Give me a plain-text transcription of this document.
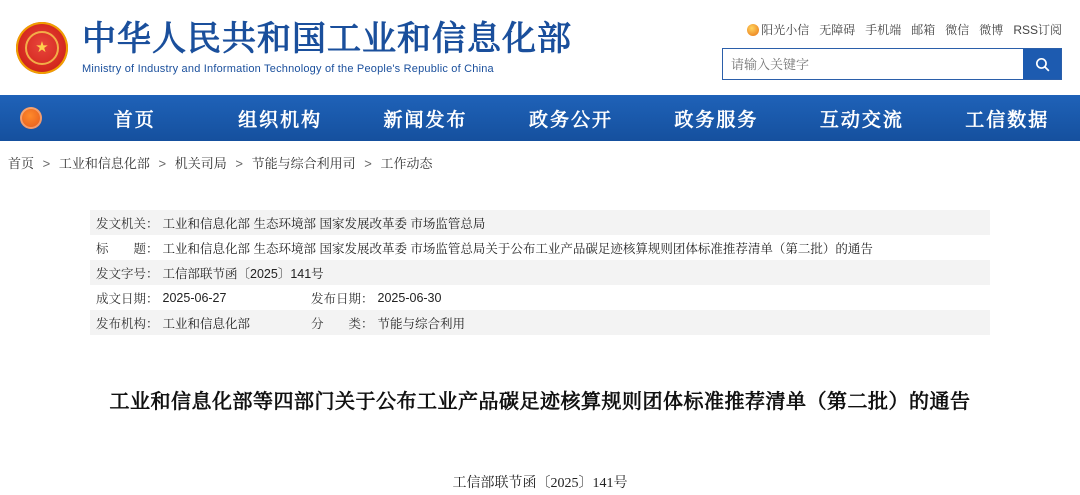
★ 中华人民共和国工业和信息化部
Ministry of Industry and Information Technology of the People's Republic of China
阳光小信 无障碍 手机端 邮箱 微信 微博 RSS订阅
请输入关键字
首页	组织机构	新闻发布	政务公开	政务服务	互动交流	工信数据
首页 > 工业和信息化部 > 机关司局 > 节能与综合利用司 > 工作动态
发文机关： 工业和信息化部 生态环境部 国家发展改革委 市场监管总局
标　　题： 工业和信息化部 生态环境部 国家发展改革委 市场监管总局关于公布工业产品碳足迹核算规则团体标准推荐清单（第二批）的通告
发文字号： 工信部联节函〔2025〕141号
成文日期： 2025-06-27	发布日期： 2025-06-30
发布机构： 工业和信息化部	分　　类： 节能与综合利用
工业和信息化部等四部门关于公布工业产品碳足迹核算规则团体标准推荐清单（第二批）的通告
工信部联节函〔2025〕141号
